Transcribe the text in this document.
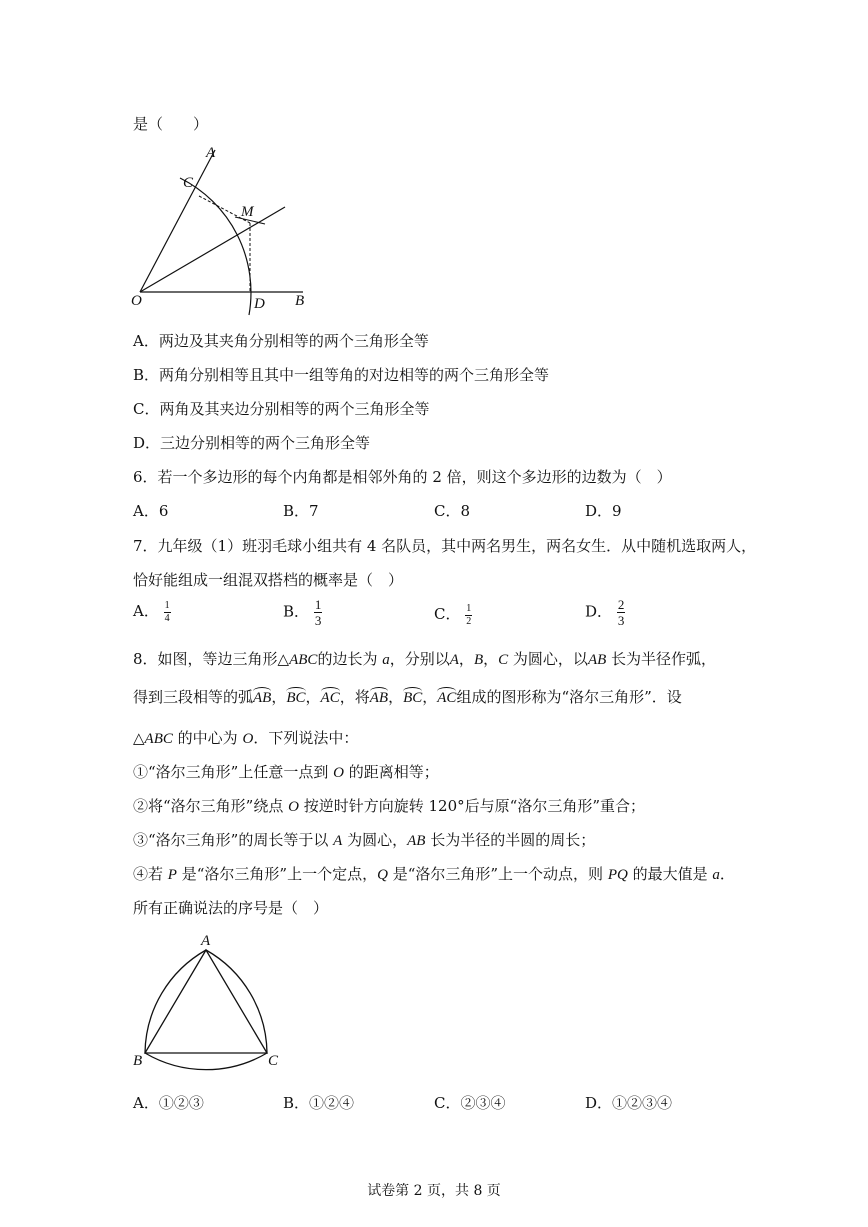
是（　　）
A
C
M
O	D B
A．两边及其夹角分别相等的两个三角形全等
B．两角分别相等且其中一组等角的对边相等的两个三角形全等
C．两角及其夹边分别相等的两个三角形全等
D．三边分别相等的两个三角形全等
6．若一个多边形的每个内角都是相邻外角的 2 倍，则这个多边形的边数为（　）
A．6	B．7	C．8	D．9
7．九年级（1）班羽毛球小组共有 4 名队员，其中两名男生，两名女生．从中随机选取两人，
恰好能组成一组混双搭档的概率是（　）
A． $\frac{1}{4}$	B． $\frac{1}{3}$	C． $\frac{1}{2}$	D． $\frac{2}{3}$
8．如图，等边三角形△ABC的边长为 a，分别以A，B，C 为圆心，以AB 长为半径作弧，
得到三段相等的弧AB，BC，AC，将AB，BC，AC组成的图形称为“洛尔三角形”．设
△ABC 的中心为 O．下列说法中：
①“洛尔三角形”上任意一点到 O 的距离相等；
②将“洛尔三角形”绕点 O 按逆时针方向旋转 120°后与原“洛尔三角形”重合；
③“洛尔三角形”的周长等于以 A 为圆心，AB 长为半径的半圆的周长；
④若 P 是“洛尔三角形”上一个定点，Q 是“洛尔三角形”上一个动点，则 PQ 的最大值是 a．
所有正确说法的序号是（　）
A
B	C
A．①②③	B．①②④	C．②③④	D．①②③④
试卷第 2 页，共 8 页
